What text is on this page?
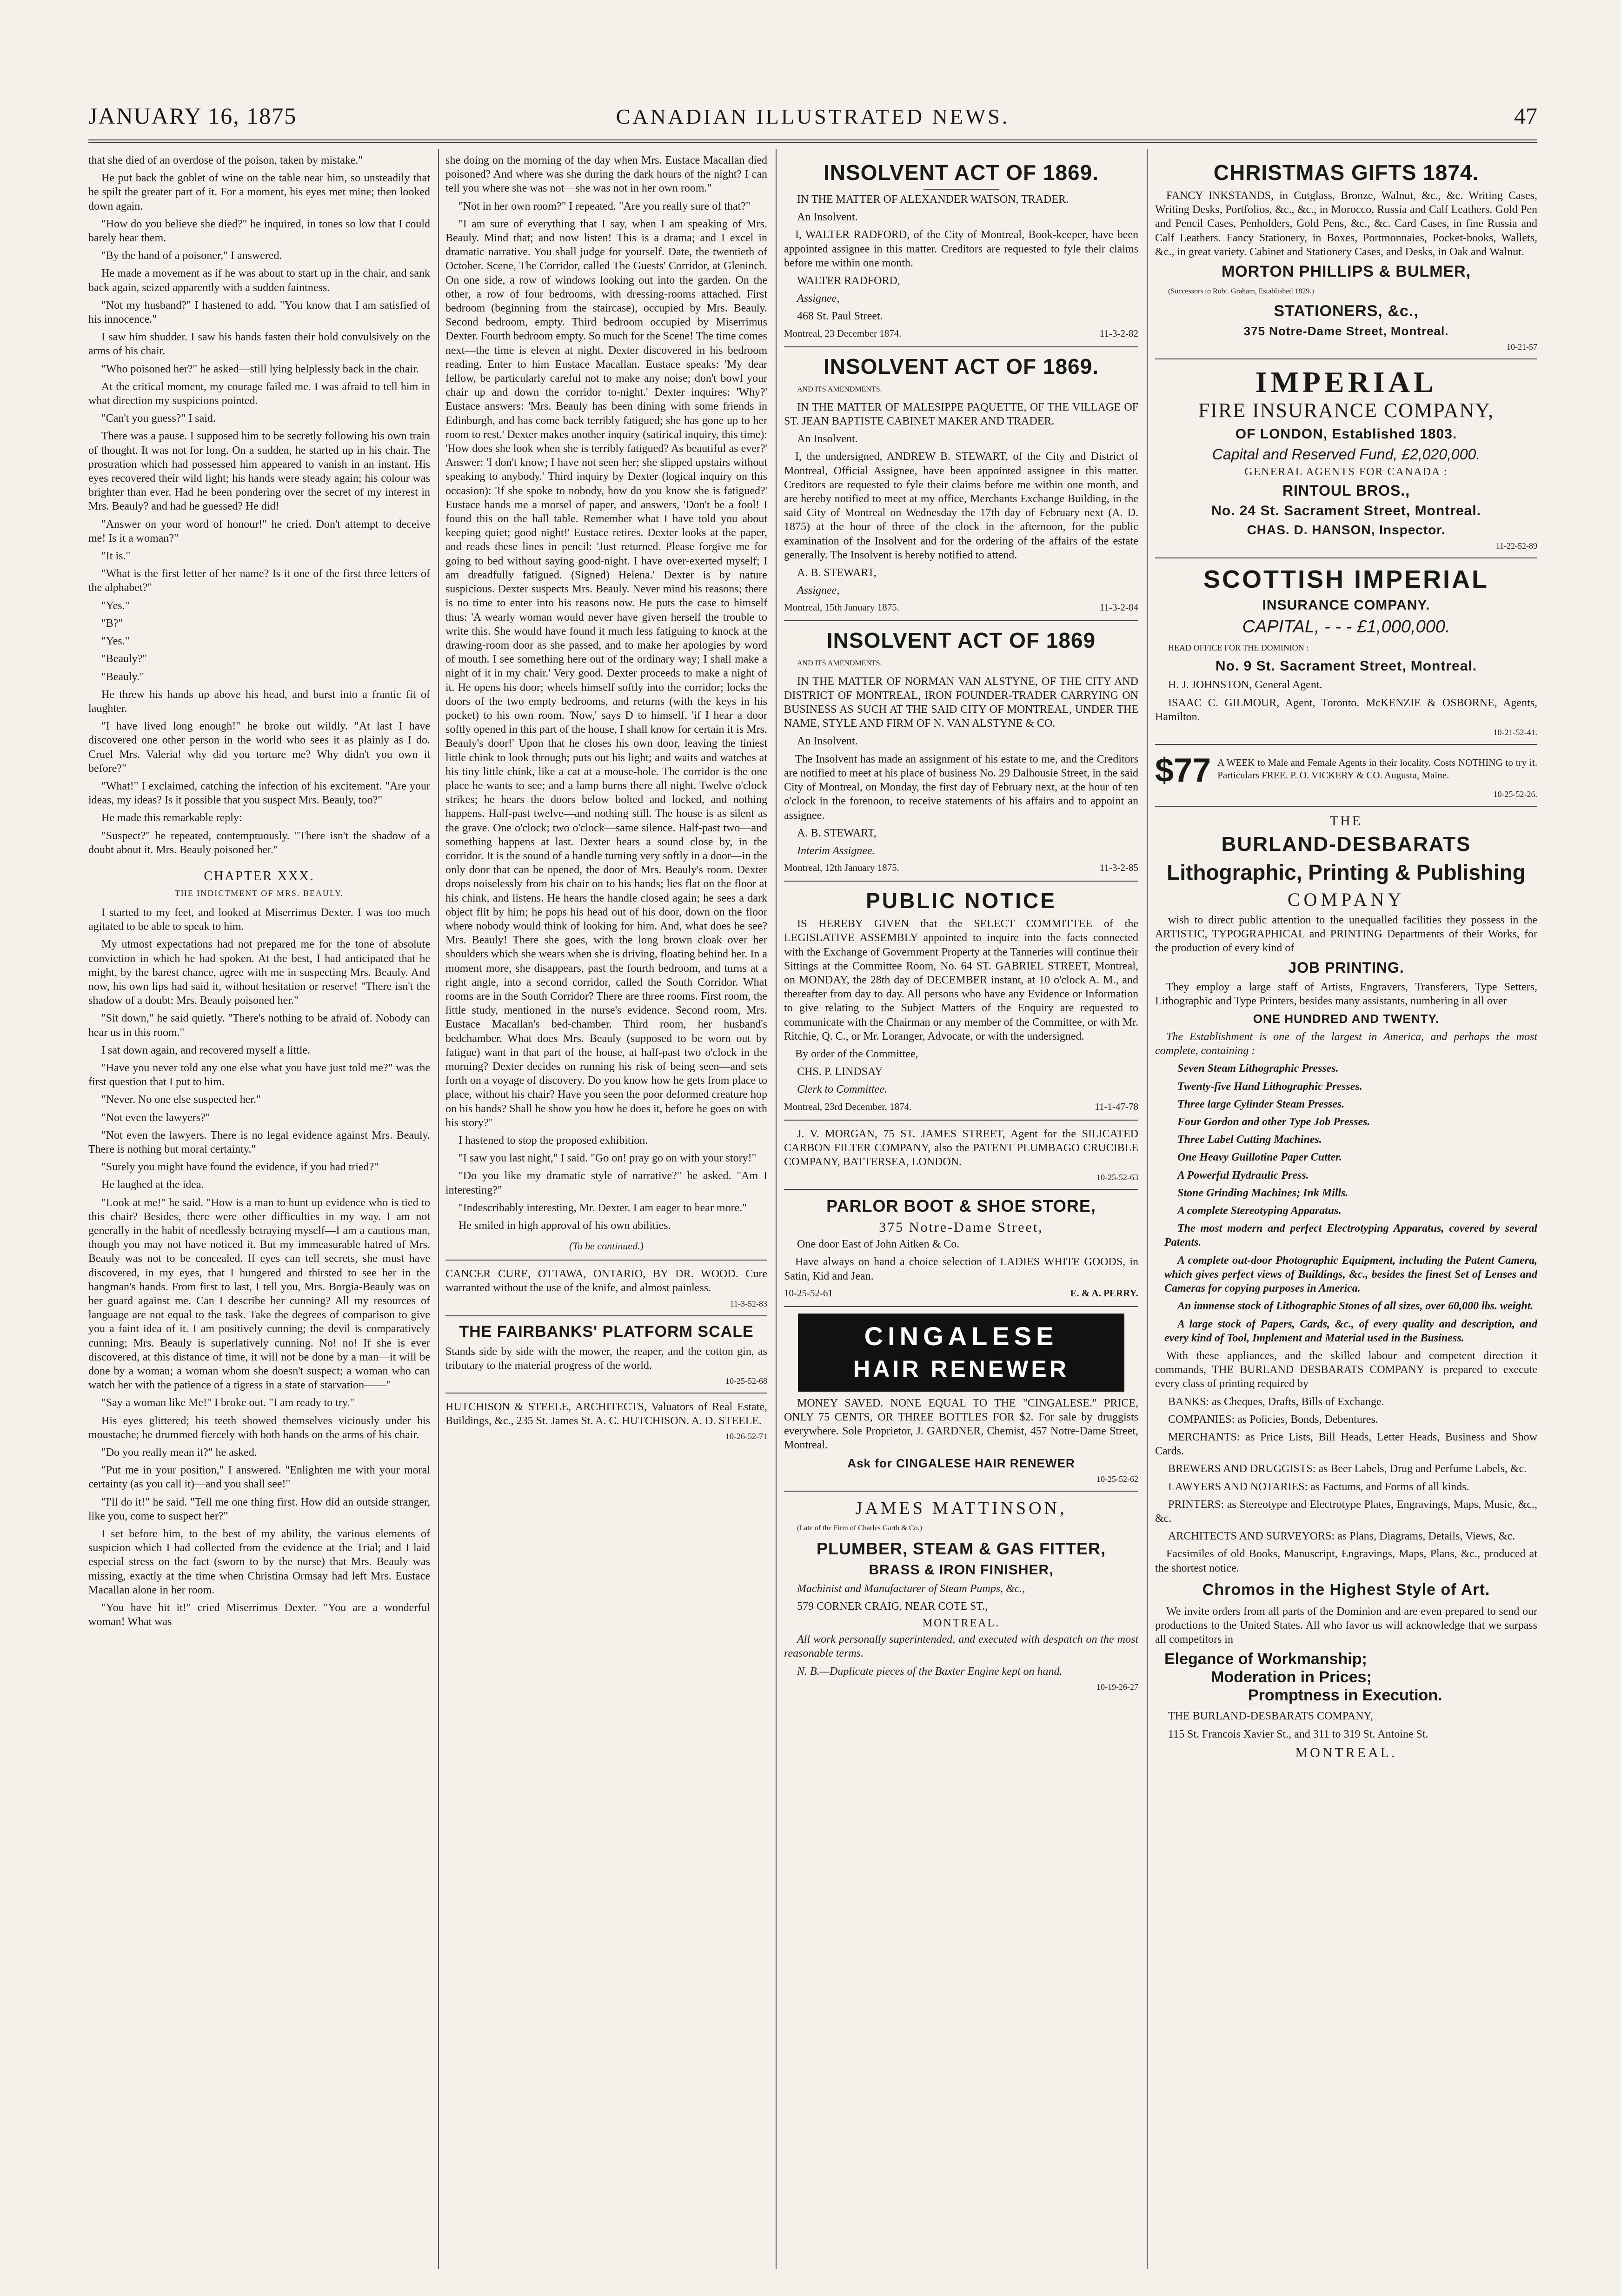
JANUARY 16, 1875	CANADIAN ILLUSTRATED NEWS.	47

that she died of an overdose of the poison, taken by mistake."

He put back the goblet of wine on the table near him, so unsteadily that he spilt the greater part of it. For a moment, his eyes met mine; then looked down again.

"How do you believe she died?" he inquired, in tones so low that I could barely hear them.

"By the hand of a poisoner," I answered.

He made a movement as if he was about to start up in the chair, and sank back again, seized apparently with a sudden faintness.

"Not my husband?" I hastened to add. "You know that I am satisfied of his innocence."

I saw him shudder. I saw his hands fasten their hold convulsively on the arms of his chair.

"Who poisoned her?" he asked—still lying helplessly back in the chair.

At the critical moment, my courage failed me. I was afraid to tell him in what direction my suspicions pointed.

"Can't you guess?" I said.

There was a pause. I supposed him to be secretly following his own train of thought. It was not for long. On a sudden, he started up in his chair. The prostration which had possessed him appeared to vanish in an instant. His eyes recovered their wild light; his hands were steady again; his colour was brighter than ever. Had he been pondering over the secret of my interest in Mrs. Beauly? and had he guessed? He did!

"Answer on your word of honour!" he cried. Don't attempt to deceive me! Is it a woman?"

"It is."

"What is the first letter of her name? Is it one of the first three letters of the alphabet?"

"Yes."

"B?"

"Yes."

"Beauly?"

"Beauly."

He threw his hands up above his head, and burst into a frantic fit of laughter.

"I have lived long enough!" he broke out wildly. "At last I have discovered one other person in the world who sees it as plainly as I do. Cruel Mrs. Valeria! why did you torture me? Why didn't you own it before?"

"What!" I exclaimed, catching the infection of his excitement. "Are your ideas, my ideas? Is it possible that you suspect Mrs. Beauly, too?"

He made this remarkable reply:

"Suspect?" he repeated, contemptuously. "There isn't the shadow of a doubt about it. Mrs. Beauly poisoned her."

CHAPTER XXX.
THE INDICTMENT OF MRS. BEAULY.

I started to my feet, and looked at Miserrimus Dexter. I was too much agitated to be able to speak to him.

My utmost expectations had not prepared me for the tone of absolute conviction in which he had spoken. At the best, I had anticipated that he might, by the barest chance, agree with me in suspecting Mrs. Beauly. And now, his own lips had said it, without hesitation or reserve! "There isn't the shadow of a doubt: Mrs. Beauly poisoned her."

"Sit down," he said quietly. "There's nothing to be afraid of. Nobody can hear us in this room."

I sat down again, and recovered myself a little.

"Have you never told any one else what you have just told me?" was the first question that I put to him.

"Never. No one else suspected her."

"Not even the lawyers?"

"Not even the lawyers. There is no legal evidence against Mrs. Beauly. There is nothing but moral certainty."

"Surely you might have found the evidence, if you had tried?"

He laughed at the idea.

"Look at me!" he said. "How is a man to hunt up evidence who is tied to this chair? Besides, there were other difficulties in my way. I am not generally in the habit of needlessly betraying myself—I am a cautious man, though you may not have noticed it. But my immeasurable hatred of Mrs. Beauly was not to be concealed. If eyes can tell secrets, she must have discovered, in my eyes, that I hungered and thirsted to see her in the hangman's hands. From first to last, I tell you, Mrs. Borgia-Beauly was on her guard against me. Can I describe her cunning? All my resources of language are not equal to the task. Take the degrees of comparison to give you a faint idea of it. I am positively cunning; the devil is comparatively cunning; Mrs. Beauly is superlatively cunning. No! no! If she is ever discovered, at this distance of time, it will not be done by a man—it will be done by a woman; a woman whom she doesn't suspect; a woman who can watch her with the patience of a tigress in a state of starvation——"

"Say a woman like Me!" I broke out. "I am ready to try."

His eyes glittered; his teeth showed themselves viciously under his moustache; he drummed fiercely with both hands on the arms of his chair.

"Do you really mean it?" he asked.

"Put me in your position," I answered. "Enlighten me with your moral certainty (as you call it)—and you shall see!"

"I'll do it!" he said. "Tell me one thing first. How did an outside stranger, like you, come to suspect her?"

I set before him, to the best of my ability, the various elements of suspicion which I had collected from the evidence at the Trial; and I laid especial stress on the fact (sworn to by the nurse) that Mrs. Beauly was missing, exactly at the time when Christina Ormsay had left Mrs. Eustace Macallan alone in her room.

"You have hit it!" cried Miserrimus Dexter. "You are a wonderful woman! What was

she doing on the morning of the day when Mrs. Eustace Macallan died poisoned? And where was she during the dark hours of the night? I can tell you where she was not—she was not in her own room."

"Not in her own room?" I repeated. "Are you really sure of that?"

"I am sure of everything that I say, when I am speaking of Mrs. Beauly. Mind that; and now listen! This is a drama; and I excel in dramatic narrative. You shall judge for yourself. Date, the twentieth of October. Scene, The Corridor, called The Guests' Corridor, at Gleninch. On one side, a row of windows looking out into the garden. On the other, a row of four bedrooms, with dressing-rooms attached. First bedroom (beginning from the staircase), occupied by Mrs. Beauly. Second bedroom, empty. Third bedroom occupied by Miserrimus Dexter. Fourth bedroom empty. So much for the Scene! The time comes next—the time is eleven at night. Dexter discovered in his bedroom reading. Enter to him Eustace Macallan. Eustace speaks: 'My dear fellow, be particularly careful not to make any noise; don't bowl your chair up and down the corridor to-night.' Dexter inquires: 'Why?' Eustace answers: 'Mrs. Beauly has been dining with some friends in Edinburgh, and has come back terribly fatigued; she has gone up to her room to rest.' Dexter makes another inquiry (satirical inquiry, this time): 'How does she look when she is terribly fatigued? As beautiful as ever?' Answer: 'I don't know; I have not seen her; she slipped upstairs without speaking to anybody.' Third inquiry by Dexter (logical inquiry on this occasion): 'If she spoke to nobody, how do you know she is fatigued?' Eustace hands me a morsel of paper, and answers, 'Don't be a fool! I found this on the hall table. Remember what I have told you about keeping quiet; good night!' Eustace retires. Dexter looks at the paper, and reads these lines in pencil: 'Just returned. Please forgive me for going to bed without saying good-night. I have over-exerted myself; I am dreadfully fatigued. (Signed) Helena.' Dexter is by nature suspicious. Dexter suspects Mrs. Beauly. Never mind his reasons; there is no time to enter into his reasons now. He puts the case to himself thus: 'A wearly woman would never have given herself the trouble to write this. She would have found it much less fatiguing to knock at the drawing-room door as she passed, and to make her apologies by word of mouth. I see something here out of the ordinary way; I shall make a night of it in my chair.' Very good. Dexter proceeds to make a night of it. He opens his door; wheels himself softly into the corridor; locks the doors of the two empty bedrooms, and returns (with the keys in his pocket) to his own room. 'Now,' says D to himself, 'if I hear a door softly opened in this part of the house, I shall know for certain it is Mrs. Beauly's door!' Upon that he closes his own door, leaving the tiniest little chink to look through; puts out his light; and waits and watches at his tiny little chink, like a cat at a mouse-hole. The corridor is the one place he wants to see; and a lamp burns there all night. Twelve o'clock strikes; he hears the doors below bolted and locked, and nothing happens. Half-past twelve—and nothing still. The house is as silent as the grave. One o'clock; two o'clock—same silence. Half-past two—and something happens at last. Dexter hears a sound close by, in the corridor. It is the sound of a handle turning very softly in a door—in the only door that can be opened, the door of Mrs. Beauly's room. Dexter drops noiselessly from his chair on to his hands; lies flat on the floor at his chink, and listens. He hears the handle closed again; he sees a dark object flit by him; he pops his head out of his door, down on the floor where nobody would think of looking for him. And, what does he see? Mrs. Beauly! There she goes, with the long brown cloak over her shoulders which she wears when she is driving, floating behind her. In a moment more, she disappears, past the fourth bedroom, and turns at a right angle, into a second corridor, called the South Corridor. What rooms are in the South Corridor? There are three rooms. First room, the little study, mentioned in the nurse's evidence. Second room, Mrs. Eustace Macallan's bed-chamber. Third room, her husband's bedchamber. What does Mrs. Beauly (supposed to be worn out by fatigue) want in that part of the house, at half-past two o'clock in the morning? Dexter decides on running his risk of being seen—and sets forth on a voyage of discovery. Do you know how he gets from place to place, without his chair? Have you seen the poor deformed creature hop on his hands? Shall he show you how he does it, before he goes on with his story?"

I hastened to stop the proposed exhibition.

"I saw you last night," I said. "Go on! pray go on with your story!"

"Do you like my dramatic style of narrative?" he asked. "Am I interesting?"

"Indescribably interesting, Mr. Dexter. I am eager to hear more."

He smiled in high approval of his own abilities.

(To be continued.)

CANCER CURE, OTTAWA, ONTARIO, BY DR. WOOD. Cure warranted without the use of the knife, and almost painless.

11-3-52-83
THE FAIRBANKS' PLATFORM SCALE

Stands side by side with the mower, the reaper, and the cotton gin, as tributary to the material progress of the world.

10-25-52-68

HUTCHISON & STEELE, ARCHITECTS, Valuators of Real Estate, Buildings, &c., 235 St. James St. A. C. HUTCHISON. A. D. STEELE.

10-26-52-71
INSOLVENT ACT OF 1869.

IN THE MATTER OF ALEXANDER WATSON, TRADER.

An Insolvent.

I, WALTER RADFORD, of the City of Montreal, Book-keeper, have been appointed assignee in this matter. Creditors are requested to fyle their claims before me within one month.

WALTER RADFORD,

Assignee,

468 St. Paul Street.

Montreal, 23 December 1874.	11-3-2-82
INSOLVENT ACT OF 1869.

AND ITS AMENDMENTS.

IN THE MATTER OF MALESIPPE PAQUETTE, OF THE VILLAGE OF ST. JEAN BAPTISTE CABINET MAKER AND TRADER.

An Insolvent.

I, the undersigned, ANDREW B. STEWART, of the City and District of Montreal, Official Assignee, have been appointed assignee in this matter. Creditors are requested to fyle their claims before me within one month, and are hereby notified to meet at my office, Merchants Exchange Building, in the said City of Montreal on Wednesday the 17th day of February next (A. D. 1875) at the hour of three of the clock in the afternoon, for the public examination of the Insolvent and for the ordering of the affairs of the estate generally. The Insolvent is hereby notified to attend.

A. B. STEWART,

Assignee,

Montreal, 15th January 1875.	11-3-2-84
INSOLVENT ACT OF 1869

AND ITS AMENDMENTS.

IN THE MATTER OF NORMAN VAN ALSTYNE, OF THE CITY AND DISTRICT OF MONTREAL, IRON FOUNDER-TRADER CARRYING ON BUSINESS AS SUCH AT THE SAID CITY OF MONTREAL, UNDER THE NAME, STYLE AND FIRM OF N. VAN ALSTYNE & CO.

An Insolvent.

The Insolvent has made an assignment of his estate to me, and the Creditors are notified to meet at his place of business No. 29 Dalhousie Street, in the said City of Montreal, on Monday, the first day of February next, at the hour of ten o'clock in the forenoon, to receive statements of his affairs and to appoint an assignee.

A. B. STEWART,

Interim Assignee.

Montreal, 12th January 1875.	11-3-2-85
PUBLIC NOTICE

IS HEREBY GIVEN that the SELECT COMMITTEE of the LEGISLATIVE ASSEMBLY appointed to inquire into the facts connected with the Exchange of Government Property at the Tanneries will continue their Sittings at the Committee Room, No. 64 ST. GABRIEL STREET, Montreal, on MONDAY, the 28th day of DECEMBER instant, at 10 o'clock A. M., and thereafter from day to day. All persons who have any Evidence or Information to give relating to the Subject Matters of the Enquiry are requested to communicate with the Chairman or any member of the Committee, or with Mr. Ritchie, Q. C., or Mr. Loranger, Advocate, or with the undersigned.

By order of the Committee,

CHS. P. LINDSAY

Clerk to Committee.

Montreal, 23rd December, 1874.	11-1-47-78

J. V. MORGAN, 75 ST. JAMES STREET, Agent for the SILICATED CARBON FILTER COMPANY, also the PATENT PLUMBAGO CRUCIBLE COMPANY, BATTERSEA, LONDON.

10-25-52-63
PARLOR BOOT & SHOE STORE,
375 Notre-Dame Street,

One door East of John Aitken & Co.

Have always on hand a choice selection of LADIES WHITE GOODS, in Satin, Kid and Jean.

10-25-52-61	E. & A. PERRY.
CINGALESE
HAIR RENEWER

MONEY SAVED. NONE EQUAL TO THE "CINGALESE." PRICE, ONLY 75 CENTS, OR THREE BOTTLES FOR $2. For sale by druggists everywhere. Sole Proprietor, J. GARDNER, Chemist, 457 Notre-Dame Street, Montreal.

Ask for CINGALESE HAIR RENEWER
10-25-52-62
JAMES MATTINSON,

(Late of the Firm of Charles Garth & Co.)

PLUMBER, STEAM & GAS FITTER,
BRASS & IRON FINISHER,

Machinist and Manufacturer of Steam Pumps, &c.,

579 CORNER CRAIG, NEAR COTE ST.,

MONTREAL.

All work personally superintended, and executed with despatch on the most reasonable terms.

N. B.—Duplicate pieces of the Baxter Engine kept on hand.

10-19-26-27
CHRISTMAS GIFTS 1874.

FANCY INKSTANDS, in Cutglass, Bronze, Walnut, &c., &c. Writing Cases, Writing Desks, Portfolios, &c., &c., in Morocco, Russia and Calf Leathers. Gold Pen and Pencil Cases, Penholders, Gold Pens, &c., &c. Card Cases, in fine Russia and Calf Leathers. Fancy Stationery, in Boxes, Portmonnaies, Pocket-books, Wallets, &c., in great variety. Cabinet and Stationery Cases, and Desks, in Oak and Walnut.

MORTON PHILLIPS & BULMER,

(Successors to Robt. Graham, Established 1829.)

STATIONERS, &c.,
375 Notre-Dame Street, Montreal.
10-21-57
IMPERIAL
FIRE INSURANCE COMPANY,
OF LONDON, Established 1803.
Capital and Reserved Fund, £2,020,000.
GENERAL AGENTS FOR CANADA :
RINTOUL BROS.,
No. 24 St. Sacrament Street, Montreal.
CHAS. D. HANSON, Inspector.
11-22-52-89
SCOTTISH IMPERIAL
INSURANCE COMPANY.
CAPITAL, - - - £1,000,000.

HEAD OFFICE FOR THE DOMINION :

No. 9 St. Sacrament Street, Montreal.

H. J. JOHNSTON, General Agent.

ISAAC C. GILMOUR, Agent, Toronto. McKENZIE & OSBORNE, Agents, Hamilton.

10-21-52-41.
$77 A WEEK to Male and Female Agents in their locality. Costs NOTHING to try it. Particulars FREE. P. O. VICKERY & CO. Augusta, Maine.
10-25-52-26.
THE
BURLAND-DESBARATS
Lithographic, Printing & Publishing
COMPANY

wish to direct public attention to the unequalled facilities they possess in the ARTISTIC, TYPOGRAPHICAL and PRINTING Departments of their Works, for the production of every kind of

JOB PRINTING.

They employ a large staff of Artists, Engravers, Transferers, Type Setters, Lithographic and Type Printers, besides many assistants, numbering in all over

ONE HUNDRED AND TWENTY.

The Establishment is one of the largest in America, and perhaps the most complete, containing :

Seven Steam Lithographic Presses.

Twenty-five Hand Lithographic Presses.

Three large Cylinder Steam Presses.

Four Gordon and other Type Job Presses.

Three Label Cutting Machines.

One Heavy Guillotine Paper Cutter.

A Powerful Hydraulic Press.

Stone Grinding Machines; Ink Mills.

A complete Stereotyping Apparatus.

The most modern and perfect Electrotyping Apparatus, covered by several Patents.

A complete out-door Photographic Equipment, including the Patent Camera, which gives perfect views of Buildings, &c., besides the finest Set of Lenses and Cameras for copying purposes in America.

An immense stock of Lithographic Stones of all sizes, over 60,000 lbs. weight.

A large stock of Papers, Cards, &c., of every quality and description, and every kind of Tool, Implement and Material used in the Business.

With these appliances, and the skilled labour and competent direction it commands, THE BURLAND DESBARATS COMPANY is prepared to execute every class of printing required by

BANKS: as Cheques, Drafts, Bills of Exchange.

COMPANIES: as Policies, Bonds, Debentures.

MERCHANTS: as Price Lists, Bill Heads, Letter Heads, Business and Show Cards.

BREWERS AND DRUGGISTS: as Beer Labels, Drug and Perfume Labels, &c.

LAWYERS AND NOTARIES: as Factums, and Forms of all kinds.

PRINTERS: as Stereotype and Electrotype Plates, Engravings, Maps, Music, &c., &c.

ARCHITECTS AND SURVEYORS: as Plans, Diagrams, Details, Views, &c.

Facsimiles of old Books, Manuscript, Engravings, Maps, Plans, &c., produced at the shortest notice.

Chromos in the Highest Style of Art.

We invite orders from all parts of the Dominion and are even prepared to send our productions to the United States. All who favor us will acknowledge that we surpass all competitors in

Elegance of Workmanship;
Moderation in Prices;
Promptness in Execution.

THE BURLAND-DESBARATS COMPANY,

115 St. Francois Xavier St., and 311 to 319 St. Antoine St.

MONTREAL.
